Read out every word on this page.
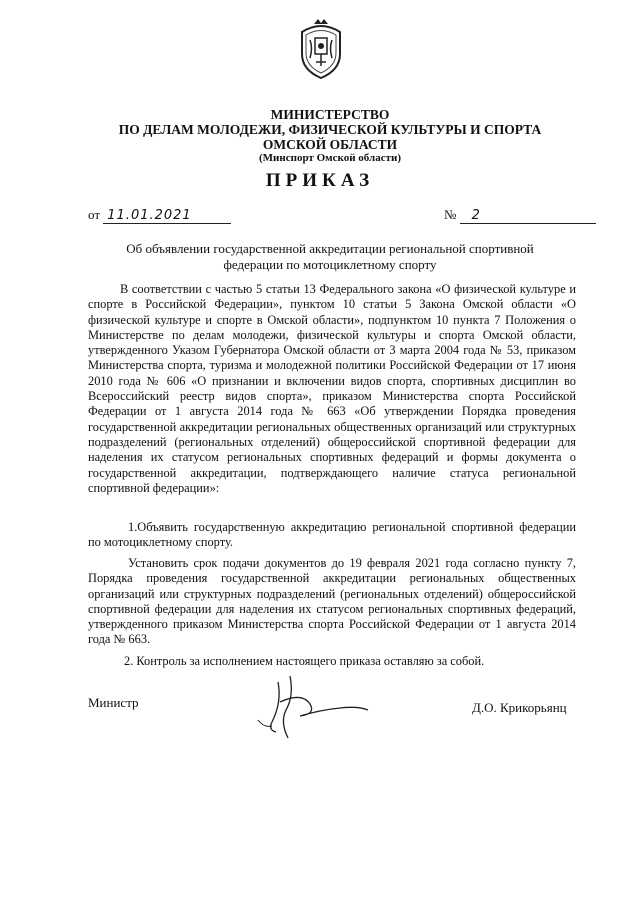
МИНИСТЕРСТВО
ПО ДЕЛАМ МОЛОДЕЖИ, ФИЗИЧЕСКОЙ КУЛЬТУРЫ И СПОРТА
ОМСКОЙ ОБЛАСТИ
(Минспорт Омской области)
ПРИКАЗ
от 11.01.2021	№ 2
Об объявлении государственной аккредитации региональной спортивной федерации по мотоциклетному спорту
В соответствии с частью 5 статьи 13 Федерального закона «О физической культуре и спорте в Российской Федерации», пунктом 10 статьи 5 Закона Омской области «О физической культуре и спорте в Омской области», подпунктом 10 пункта 7 Положения о Министерстве по делам молодежи, физической культуры и спорта Омской области, утвержденного Указом Губернатора Омской области от 3 марта 2004 года № 53, приказом Министерства спорта, туризма и молодежной политики Российской Федерации от 17 июня 2010 года № 606 «О признании и включении видов спорта, спортивных дисциплин во Всероссийский реестр видов спорта», приказом Министерства спорта Российской Федерации от 1 августа 2014 года № 663 «Об утверждении Порядка проведения государственной аккредитации региональных общественных организаций или структурных подразделений (региональных отделений) общероссийской спортивной федерации для наделения их статусом региональных спортивных федераций и формы документа о государственной аккредитации, подтверждающего наличие статуса региональной спортивной федерации»:
1.Объявить государственную аккредитацию региональной спортивной федерации по мотоциклетному спорту.
Установить срок подачи документов до 19 февраля 2021 года согласно пункту 7, Порядка проведения государственной аккредитации региональных общественных организаций или структурных подразделений (региональных отделений) общероссийской спортивной федерации для наделения их статусом региональных спортивных федераций, утвержденного приказом Министерства спорта Российской Федерации от 1 августа 2014 года № 663.
2. Контроль за исполнением настоящего приказа оставляю за собой.
Министр	Д.О. Крикорьянц
